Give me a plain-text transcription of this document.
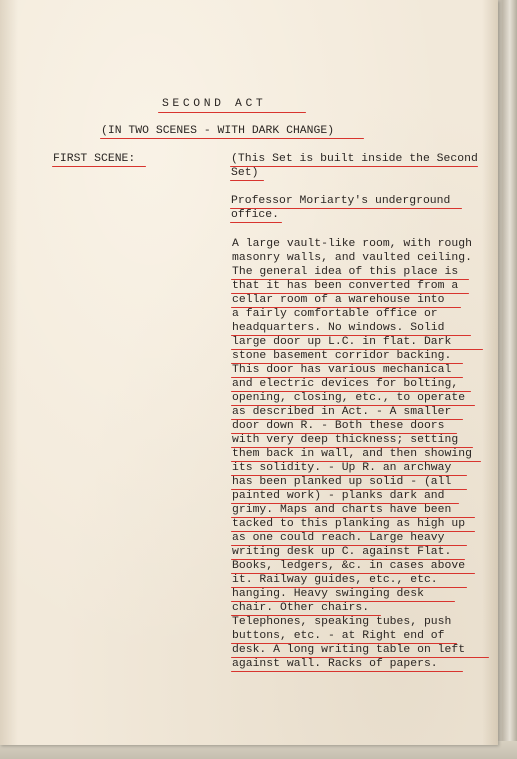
SECOND ACT
(IN TWO SCENES - WITH DARK CHANGE)
FIRST SCENE:	(This Set is built inside the Second
Set)
Professor Moriarty's underground
office.
A large vault-like room, with rough
masonry walls, and vaulted ceiling.
The general idea of this place is
that it has been converted from a
cellar room of a warehouse into
a fairly comfortable office or
headquarters. No windows. Solid
large door up L.C. in flat. Dark
stone basement corridor backing.
This door has various mechanical
and electric devices for bolting,
opening, closing, etc., to operate
as described in Act. - A smaller
door down R. - Both these doors
with very deep thickness; setting
them back in wall, and then showing
its solidity. - Up R. an archway
has been planked up solid - (all
painted work) - planks dark and
grimy. Maps and charts have been
tacked to this planking as high up
as one could reach. Large heavy
writing desk up C. against Flat.
Books, ledgers, &c. in cases above
it. Railway guides, etc., etc.
hanging. Heavy swinging desk
chair. Other chairs.
Telephones, speaking tubes, push
buttons, etc. - at Right end of
desk. A long writing table on left
against wall. Racks of papers.
